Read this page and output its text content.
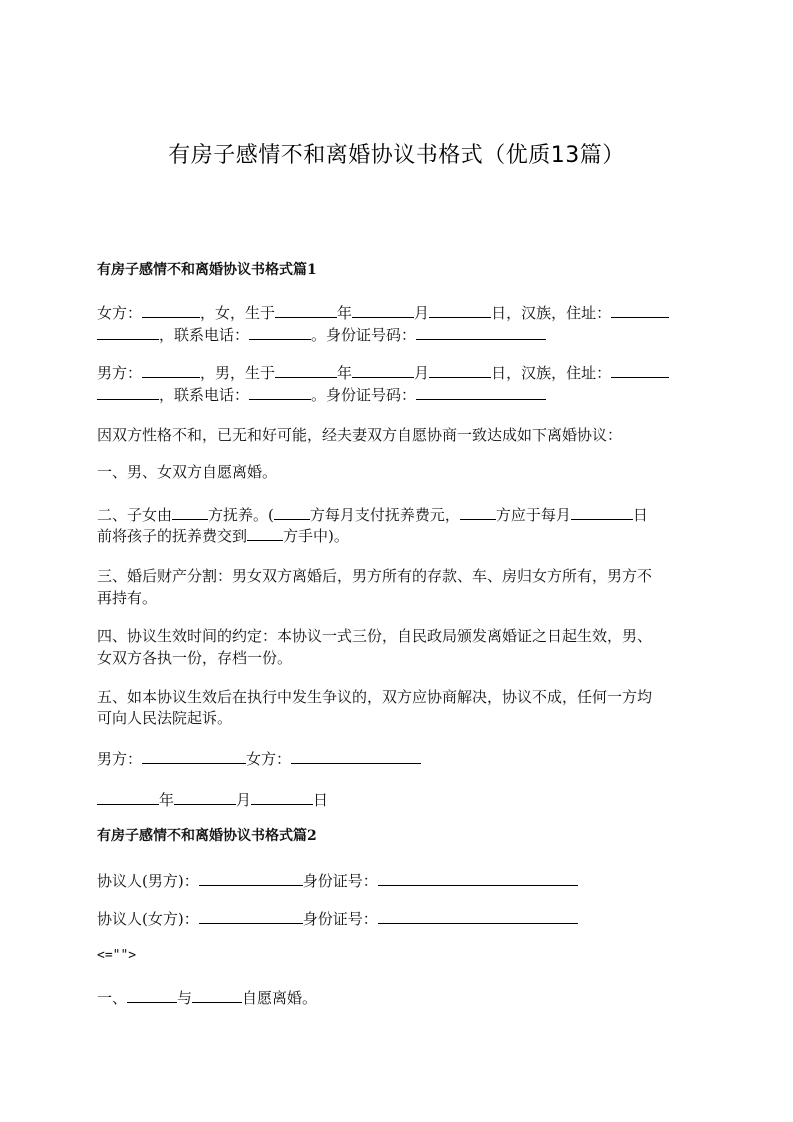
有房子感情不和离婚协议书格式（优质13篇）
有房子感情不和离婚协议书格式篇1
女方：	，女，生于	年	月	日，汉族，住址：
，联系电话：	。身份证号码：
男方：	，男，生于	年	月	日，汉族，住址：
，联系电话：	。身份证号码：
因双方性格不和，已无和好可能，经夫妻双方自愿协商一致达成如下离婚协议：
一、男、女双方自愿离婚。
二、子女由 方抚养。( 方每月支付抚养费元， 方应于每月	日
前将孩子的抚养费交到 方手中)。
三、婚后财产分割：男女双方离婚后，男方所有的存款、车、房归女方所有，男方不
再持有。
四、协议生效时间的约定：本协议一式三份，自民政局颁发离婚证之日起生效，男、
女双方各执一份，存档一份。
五、如本协议生效后在执行中发生争议的，双方应协商解决，协议不成，任何一方均
可向人民法院起诉。
男方：	女方：
年	月	日
有房子感情不和离婚协议书格式篇2
协议人(男方)：	身份证号：
协议人(女方)：	身份证号：
<="">
一、	与	自愿离婚。
